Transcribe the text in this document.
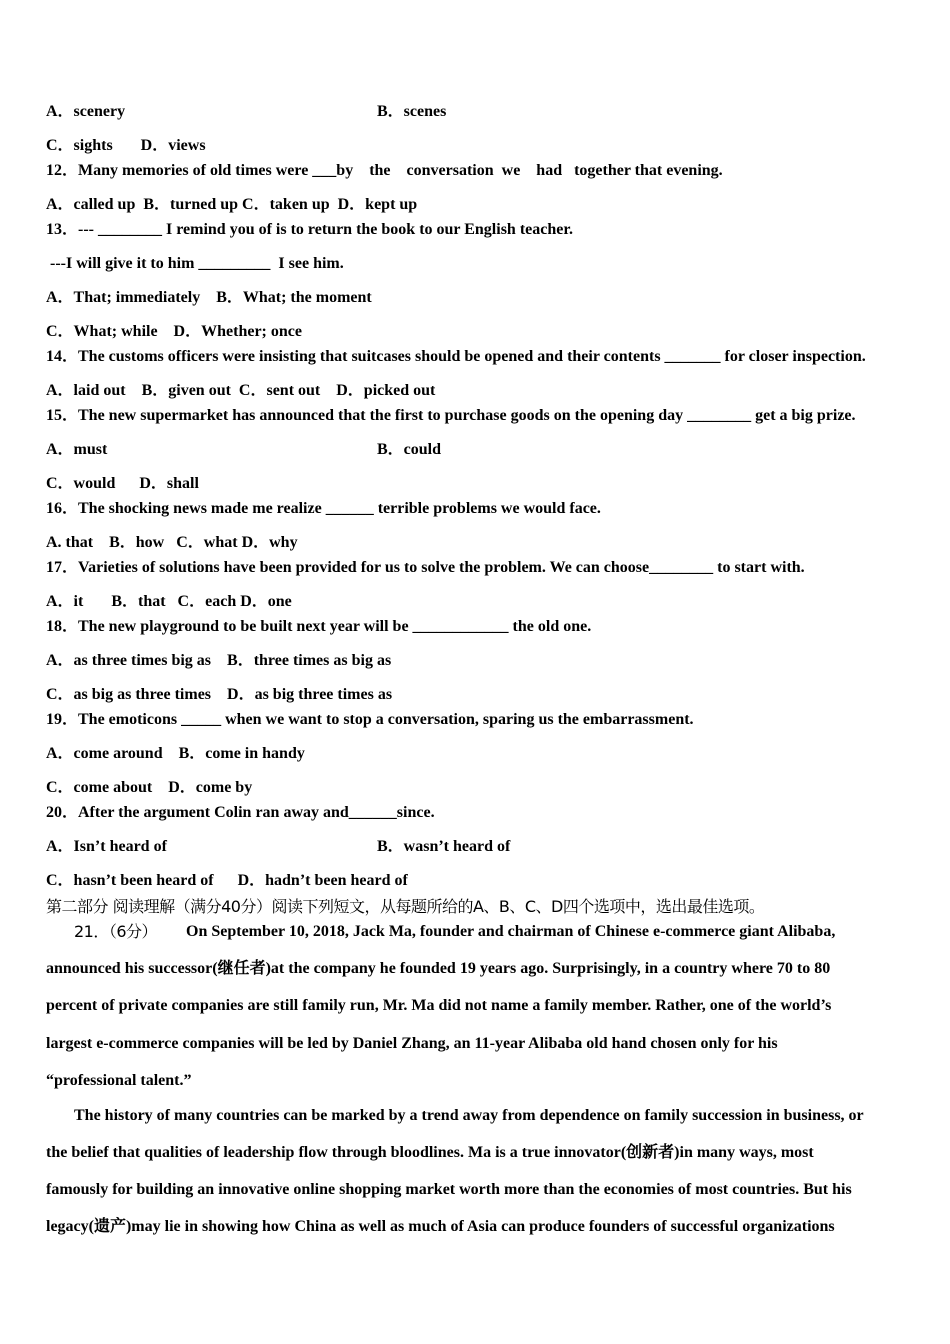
A．scenery	B．scenes
C．sights       D．views
12．Many memories of old times were ___by    the    conversation  we    had   together that evening.
A．called up  B．turned up C．taken up  D．kept up
13．--- ________ I remind you of is to return the book to our English teacher.
---I will give it to him _________  I see him.
A．That; immediately    B．What; the moment
C．What; while    D．Whether; once
14．The customs officers were insisting that suitcases should be opened and their contents _______ for closer inspection.
A．laid out    B．given out  C．sent out    D．picked out
15．The new supermarket has announced that the first to purchase goods on the opening day ________ get a big prize.
A．must	B．could
C．would      D．shall
16．The shocking news made me realize ______ terrible problems we would face.
A. that    B．how   C．what D．why
17．Varieties of solutions have been provided for us to solve the problem. We can choose________ to start with.
A．it       B．that   C．each D．one
18．The new playground to be built next year will be ____________ the old one.
A．as three times big as    B．three times as big as
C．as big as three times    D．as big three times as
19．The emoticons _____ when we want to stop a conversation, sparing us the embarrassment.
A．come around    B．come in handy
C．come about    D．come by
20．After the argument Colin ran away and______since.
A．Isn’t heard of	B．wasn’t heard of
C．hasn’t been heard of      D．hadn’t been heard of
第二部分 阅读理解（满分40分）阅读下列短文，从每题所给的A、B、C、D四个选项中，选出最佳选项。
21．（6分） On September 10, 2018, Jack Ma, founder and chairman of Chinese e-commerce giant Alibaba,
announced his successor(继任者)at the company he founded 19 years ago. Surprisingly, in a country where 70 to 80
percent of private companies are still family run, Mr. Ma did not name a family member. Rather, one of the world’s
largest e-commerce companies will be led by Daniel Zhang, an 11-year Alibaba old hand chosen only for his
“professional talent.”
The history of many countries can be marked by a trend away from dependence on family succession in business, or
the belief that qualities of leadership flow through bloodlines. Ma is a true innovator(创新者)in many ways, most
famously for building an innovative online shopping market worth more than the economies of most countries. But his
legacy(遗产)may lie in showing how China as well as much of Asia can produce founders of successful organizations
